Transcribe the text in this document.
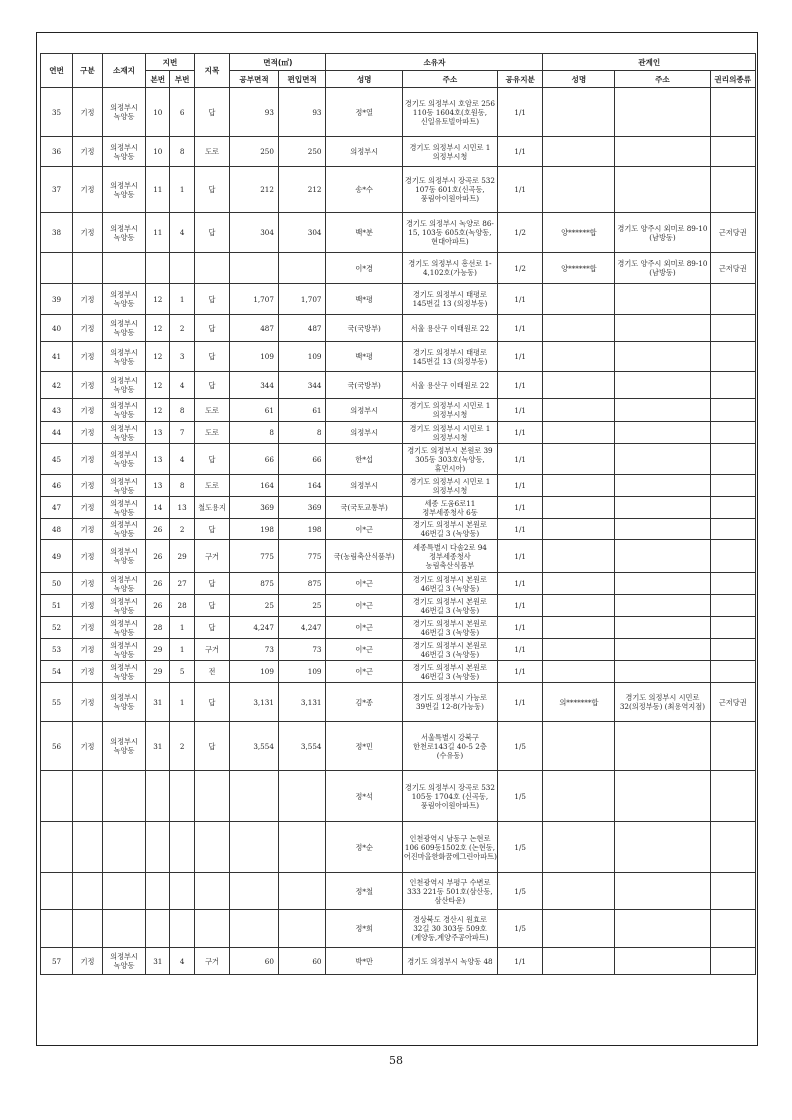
연번	구분	소재지	지번		지목	면적(㎡)		소유자			관계인		
			본번	부번		공부면적	편입면적	성명	주소	공유지분	성명	주소	권리의종류
35	기정	의정부시 녹양동	10	6	답	93	93	정*열	경기도 의정부시 호암로 256 110동 1604호(호원동,신일유토빌아파트)	1/1			
36	기정	의정부시 녹양동	10	8	도로	250	250	의정부시	경기도 의정부시 시민로 1 의정부시청	1/1			
37	기정	의정부시 녹양동	11	1	답	212	212	송*수	경기도 의정부시 장곡로 532 107동 601호(신곡동,풍림아이원아파트)	1/1			
38	기정	의정부시 녹양동	11	4	답	304	304	백*분	경기도 의정부시 녹양로 86-15, 103동 605호(녹양동,현대아파트)	1/2	양******합	경기도 양주시 외미로 89-10 (남방동)	근저당권
								이*경	경기도 의정부시 흥선로 1-4,102호(가능동)	1/2	양******합	경기도 양주시 외미로 89-10 (남방동)	근저당권
39	기정	의정부시 녹양동	12	1	답	1,707	1,707	백*평	경기도 의정부시 태평로 145번길 13 (의정부동)	1/1			
40	기정	의정부시 녹양동	12	2	답	487	487	국(국방부)	서울 용산구 이태원로 22	1/1			
41	기정	의정부시 녹양동	12	3	답	109	109	백*평	경기도 의정부시 태평로 145번길 13 (의정부동)	1/1			
42	기정	의정부시 녹양동	12	4	답	344	344	국(국방부)	서울 용산구 이태원로 22	1/1			
43	기정	의정부시 녹양동	12	8	도로	61	61	의정부시	경기도 의정부시 시민로 1 의정부시청	1/1			
44	기정	의정부시 녹양동	13	7	도로	8	8	의정부시	경기도 의정부시 시민로 1 의정부시청	1/1			
45	기정	의정부시 녹양동	13	4	답	66	66	한*섭	경기도 의정부시 본원로 39 305동 303호(녹양동,휴먼시아)	1/1			
46	기정	의정부시 녹양동	13	8	도로	164	164	의정부시	경기도 의정부시 시민로 1 의정부시청	1/1			
47	기정	의정부시 녹양동	14	13	철도용지	369	369	국(국토교통부)	세종 도움6로11 정부세종청사 6동	1/1			
48	기정	의정부시 녹양동	26	2	답	198	198	이*근	경기도 의정부시 본원로 46번길 3 (녹양동)	1/1			
49	기정	의정부시 녹양동	26	29	구거	775	775	국(농림축산식품부)	세종특별시 다솜2로 94 정부세종청사 농림축산식품부	1/1			
50	기정	의정부시 녹양동	26	27	답	875	875	이*근	경기도 의정부시 본원로 46번길 3 (녹양동)	1/1			
51	기정	의정부시 녹양동	26	28	답	25	25	이*근	경기도 의정부시 본원로 46번길 3 (녹양동)	1/1			
52	기정	의정부시 녹양동	28	1	답	4,247	4,247	이*근	경기도 의정부시 본원로 46번길 3 (녹양동)	1/1			
53	기정	의정부시 녹양동	29	1	구거	73	73	이*근	경기도 의정부시 본원로 46번길 3 (녹양동)	1/1			
54	기정	의정부시 녹양동	29	5	전	109	109	이*근	경기도 의정부시 본원로 46번길 3 (녹양동)	1/1			
55	기정	의정부시 녹양동	31	1	답	3,131	3,131	김*종	경기도 의정부시 가능로 39번길 12-8(가능동)	1/1	의*******합	경기도 의정부시 시민로 32(의정부동) (최용역지점)	근저당권
56	기정	의정부시 녹양동	31	2	답	3,554	3,554	정*민	서울특별시 강북구 한천로143길 40-5 2층(수유동)	1/5			
								정*석	경기도 의정부시 장곡로 532 105동 1704호 (신곡동,풍림아이원아파트)	1/5			
								정*순	인천광역시 남동구 논현로 106 609동1502호 (논현동,어진마을한화꿈에그린아파트)	1/5			
								정*철	인천광역시 부평구 수변로 333 221동 501호(삼산동,삼산타운)	1/5			
								정*희	경상북도 경산시 원효로 32길 30 303동 509호(계양동,계양주공아파트)	1/5			
57	기정	의정부시 녹양동	31	4	구거	60	60	박*만	경기도 의정부시 녹양동 48	1/1			
58
